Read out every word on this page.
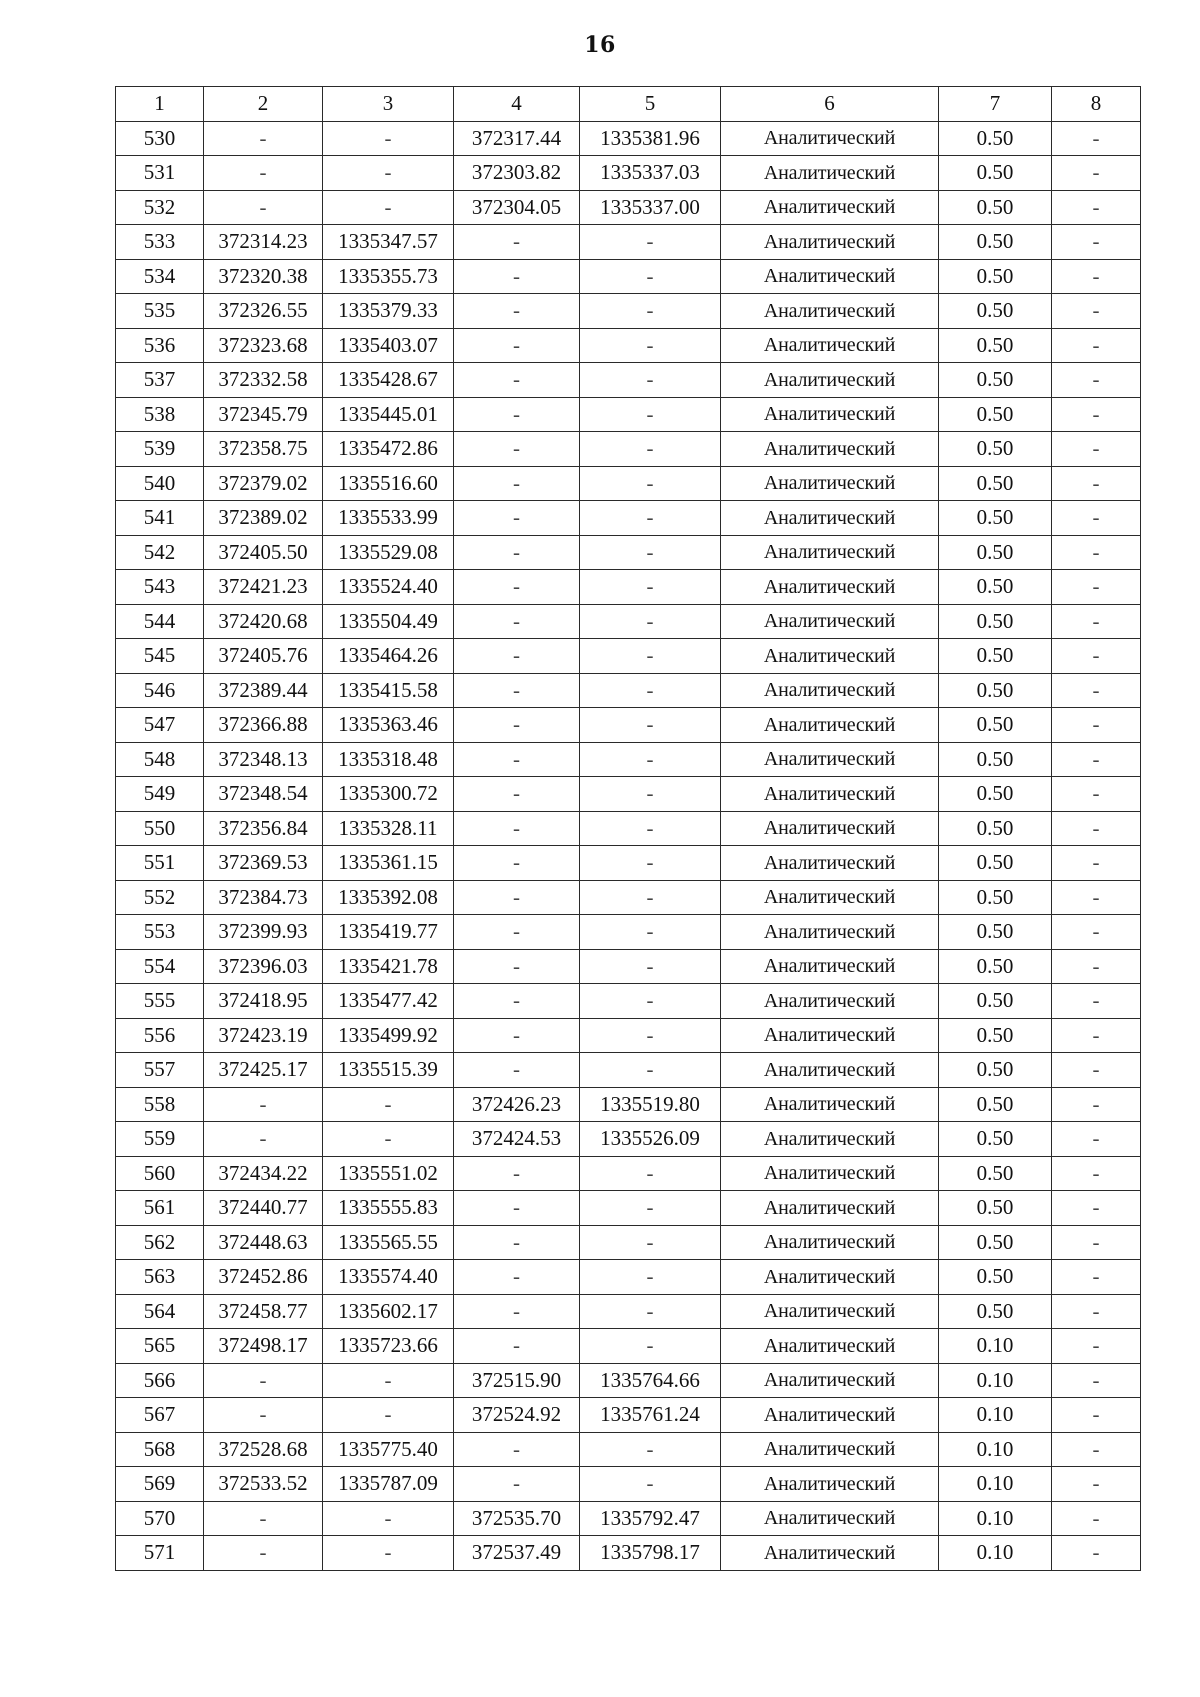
16
1	2	3	4	5	6	7	8
530	-	-	372317.44	1335381.96	Аналитический	0.50	-
531	-	-	372303.82	1335337.03	Аналитический	0.50	-
532	-	-	372304.05	1335337.00	Аналитический	0.50	-
533	372314.23	1335347.57	-	-	Аналитический	0.50	-
534	372320.38	1335355.73	-	-	Аналитический	0.50	-
535	372326.55	1335379.33	-	-	Аналитический	0.50	-
536	372323.68	1335403.07	-	-	Аналитический	0.50	-
537	372332.58	1335428.67	-	-	Аналитический	0.50	-
538	372345.79	1335445.01	-	-	Аналитический	0.50	-
539	372358.75	1335472.86	-	-	Аналитический	0.50	-
540	372379.02	1335516.60	-	-	Аналитический	0.50	-
541	372389.02	1335533.99	-	-	Аналитический	0.50	-
542	372405.50	1335529.08	-	-	Аналитический	0.50	-
543	372421.23	1335524.40	-	-	Аналитический	0.50	-
544	372420.68	1335504.49	-	-	Аналитический	0.50	-
545	372405.76	1335464.26	-	-	Аналитический	0.50	-
546	372389.44	1335415.58	-	-	Аналитический	0.50	-
547	372366.88	1335363.46	-	-	Аналитический	0.50	-
548	372348.13	1335318.48	-	-	Аналитический	0.50	-
549	372348.54	1335300.72	-	-	Аналитический	0.50	-
550	372356.84	1335328.11	-	-	Аналитический	0.50	-
551	372369.53	1335361.15	-	-	Аналитический	0.50	-
552	372384.73	1335392.08	-	-	Аналитический	0.50	-
553	372399.93	1335419.77	-	-	Аналитический	0.50	-
554	372396.03	1335421.78	-	-	Аналитический	0.50	-
555	372418.95	1335477.42	-	-	Аналитический	0.50	-
556	372423.19	1335499.92	-	-	Аналитический	0.50	-
557	372425.17	1335515.39	-	-	Аналитический	0.50	-
558	-	-	372426.23	1335519.80	Аналитический	0.50	-
559	-	-	372424.53	1335526.09	Аналитический	0.50	-
560	372434.22	1335551.02	-	-	Аналитический	0.50	-
561	372440.77	1335555.83	-	-	Аналитический	0.50	-
562	372448.63	1335565.55	-	-	Аналитический	0.50	-
563	372452.86	1335574.40	-	-	Аналитический	0.50	-
564	372458.77	1335602.17	-	-	Аналитический	0.50	-
565	372498.17	1335723.66	-	-	Аналитический	0.10	-
566	-	-	372515.90	1335764.66	Аналитический	0.10	-
567	-	-	372524.92	1335761.24	Аналитический	0.10	-
568	372528.68	1335775.40	-	-	Аналитический	0.10	-
569	372533.52	1335787.09	-	-	Аналитический	0.10	-
570	-	-	372535.70	1335792.47	Аналитический	0.10	-
571	-	-	372537.49	1335798.17	Аналитический	0.10	-
